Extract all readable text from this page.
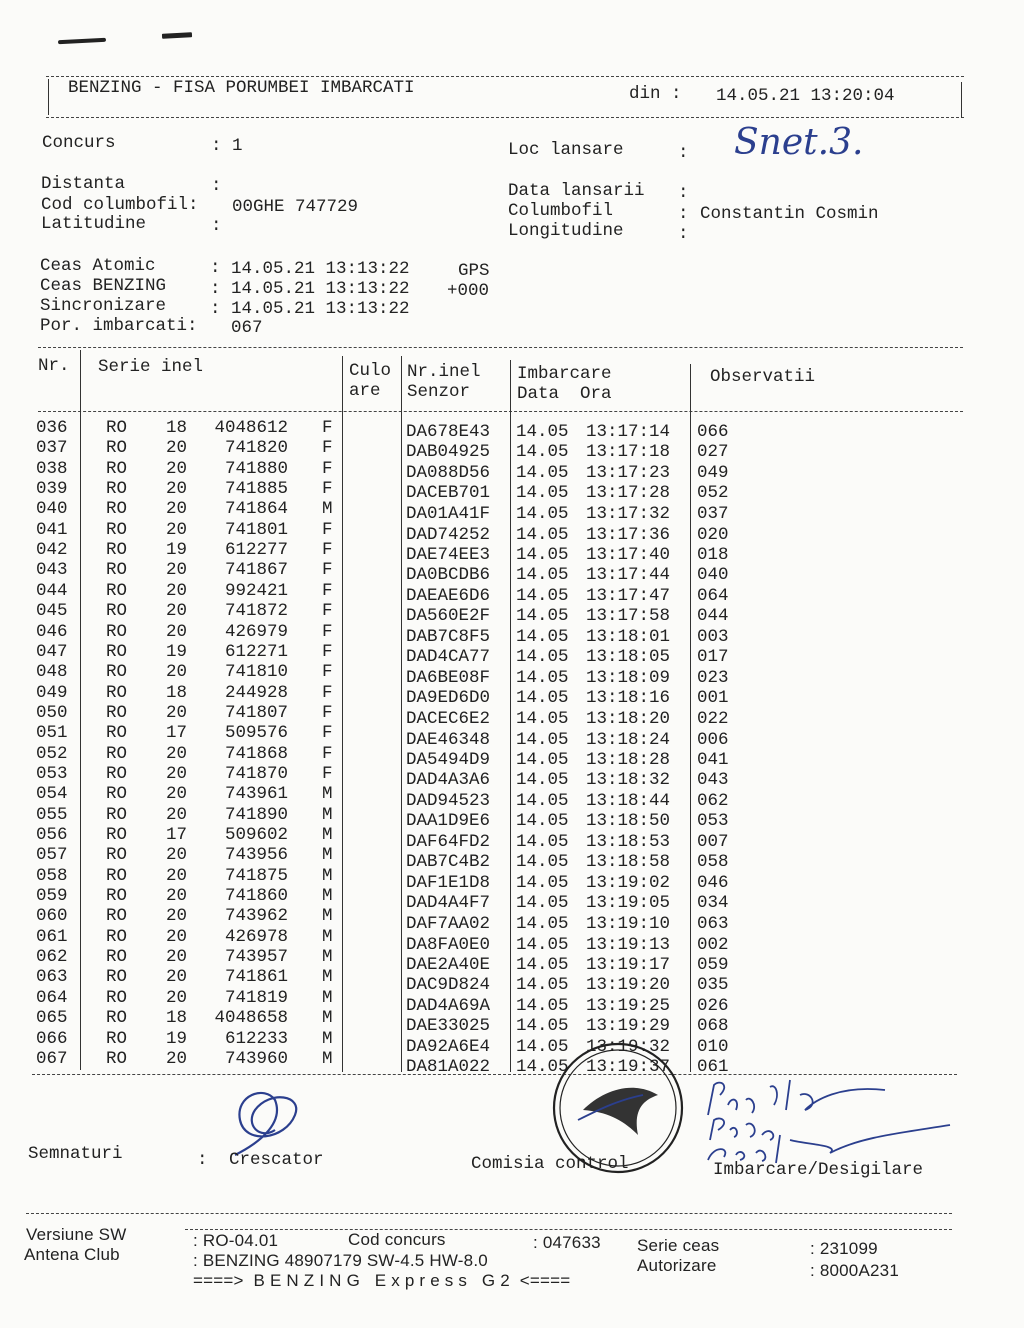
BENZING - FISA PORUMBEI IMBARCATI	din : 14.05.21 13:20:04
Concurs	: 1
Distanta	:
Cod columbofil: 00GHE 747729
Latitudine	:
Loc lansare	: Snet.3.
Data lansarii :
Columbofil	: Constantin Cosmin
Longitudine	:
Ceas Atomic	: 14.05.21 13:13:22	GPS
Ceas BENZING	: 14.05.21 13:13:22 +000
Sincronizare	: 14.05.21 13:13:22
Por. imbarcati: 067
Nr. Serie inel	Culo
are
Nr.inel
Senzor
Imbarcare
Data  Ora
Observatii
036 RO 18	4048612 F	DA678E43 14.05 13:17:14 066
037 RO 20	741820 F	DAB04925 14.05 13:17:18 027
038 RO 20	741880 F	DA088D56 14.05 13:17:23 049
039 RO 20	741885 F	DACEB701 14.05 13:17:28 052
040 RO 20	741864 M	DA01A41F 14.05 13:17:32 037
041 RO 20	741801 F	DAD74252 14.05 13:17:36 020
042 RO 19	612277 F	DAE74EE3 14.05 13:17:40 018
043 RO 20	741867 F	DA0BCDB6 14.05 13:17:44 040
044 RO 20	992421 F	DAEAE6D6 14.05 13:17:47 064
045 RO 20	741872 F	DA560E2F 14.05 13:17:58 044
046 RO 20	426979 F	DAB7C8F5 14.05 13:18:01 003
047 RO 19	612271 F	DAD4CA77 14.05 13:18:05 017
048 RO 20	741810 F	DA6BE08F 14.05 13:18:09 023
049 RO 18	244928 F	DA9ED6D0 14.05 13:18:16 001
050 RO 20	741807 F	DACEC6E2 14.05 13:18:20 022
051 RO 17	509576 F	DAE46348 14.05 13:18:24 006
052 RO 20	741868 F	DA5494D9 14.05 13:18:28 041
053 RO 20	741870 F	DAD4A3A6 14.05 13:18:32 043
054 RO 20	743961 M	DAD94523 14.05 13:18:44 062
055 RO 20	741890 M	DAA1D9E6 14.05 13:18:50 053
056 RO 17	509602 M	DAF64FD2 14.05 13:18:53 007
057 RO 20	743956 M	DAB7C4B2 14.05 13:18:58 058
058 RO 20	741875 M	DAF1E1D8 14.05 13:19:02 046
059 RO 20	741860 M	DAD4A4F7 14.05 13:19:05 034
060 RO 20	743962 M	DAF7AA02 14.05 13:19:10 063
061 RO 20	426978 M	DA8FA0E0 14.05 13:19:13 002
062 RO 20	743957 M	DAE2A40E 14.05 13:19:17 059
063 RO 20	741861 M	DAC9D824 14.05 13:19:20 035
064 RO 20	741819 M	DAD4A69A 14.05 13:19:25 026
065 RO 18	4048658 M	DAE33025 14.05 13:19:29 068
066 RO 19	612233 M	DA92A6E4 14.05 13:19:32 010
067 RO 20	743960 M	DA81A022 14.05 13:19:37 061
Semnaturi	: Crescator	Comisia control	Imbarcare/Desigilare
Versiune SW	: RO-04.01	Cod concurs	: 047633 Serie ceas	: 231099
Antena Club	: BENZING 48907179 SW-4.5 HW-8.0	Autorizare	: 8000A231
====>  B E N Z I N G   E x p r e s s   G 2  <====
